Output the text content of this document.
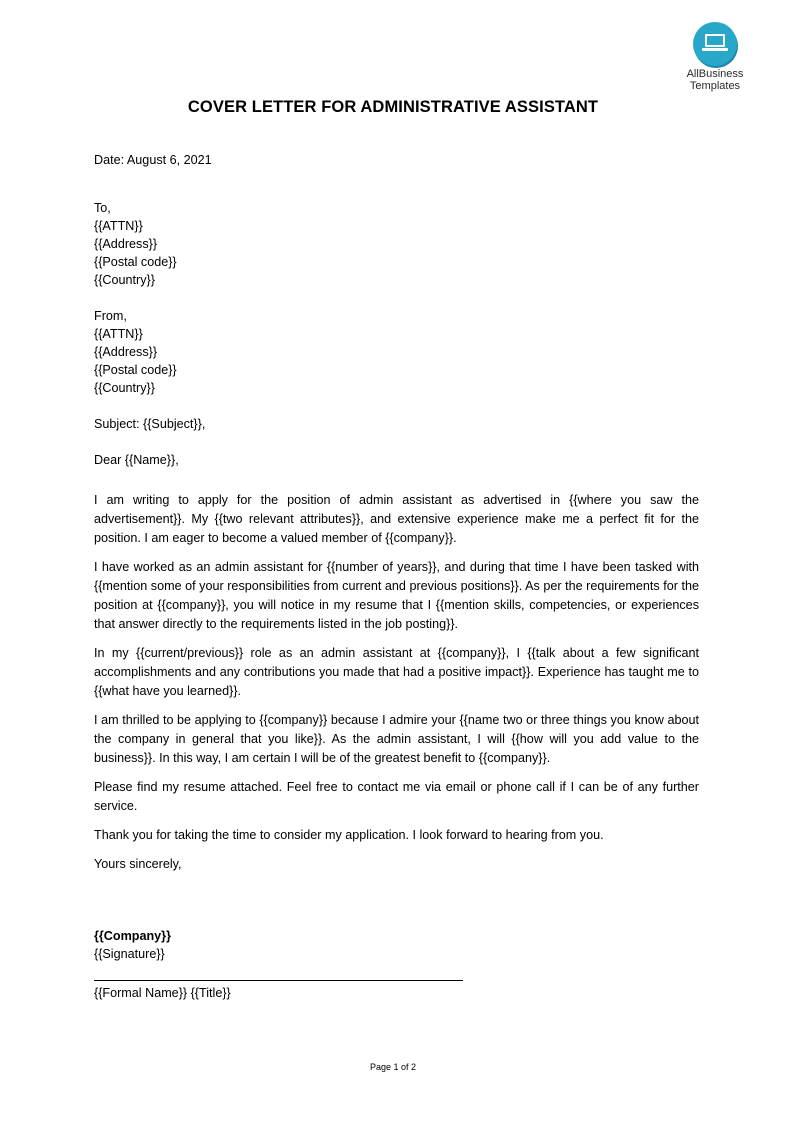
AllBusiness
Templates
COVER LETTER FOR ADMINISTRATIVE ASSISTANT
Date: August 6, 2021
To,
{{ATTN}}
{{Address}}
{{Postal code}}
{{Country}}
From,
{{ATTN}}
{{Address}}
{{Postal code}}
{{Country}}
Subject: {{Subject}},
Dear {{Name}},

I am writing to apply for the position of admin assistant as advertised in {{where you saw the advertisement}}. My {{two relevant attributes}}, and extensive experience make me a perfect fit for the position. I am eager to become a valued member of {{company}}.

I have worked as an admin assistant for {{number of years}}, and during that time I have been tasked with {{mention some of your responsibilities from current and previous positions}}. As per the requirements for the position at {{company}}, you will notice in my resume that I {{mention skills, competencies, or experiences that answer directly to the requirements listed in the job posting}}.

In my {{current/previous}} role as an admin assistant at {{company}}, I {{talk about a few significant accomplishments and any contributions you made that had a positive impact}}. Experience has taught me to {{what have you learned}}.

I am thrilled to be applying to {{company}} because I admire your {{name two or three things you know about the company in general that you like}}. As the admin assistant, I will {{how will you add value to the business}}. In this way, I am certain I will be of the greatest benefit to {{company}}.

Please find my resume attached. Feel free to contact me via email or phone call if I can be of any further service.

Thank you for taking the time to consider my application. I look forward to hearing from you.

Yours sincerely,
{{Company}}
{{Signature}}
{{Formal Name}} {{Title}}
Page 1 of 2
